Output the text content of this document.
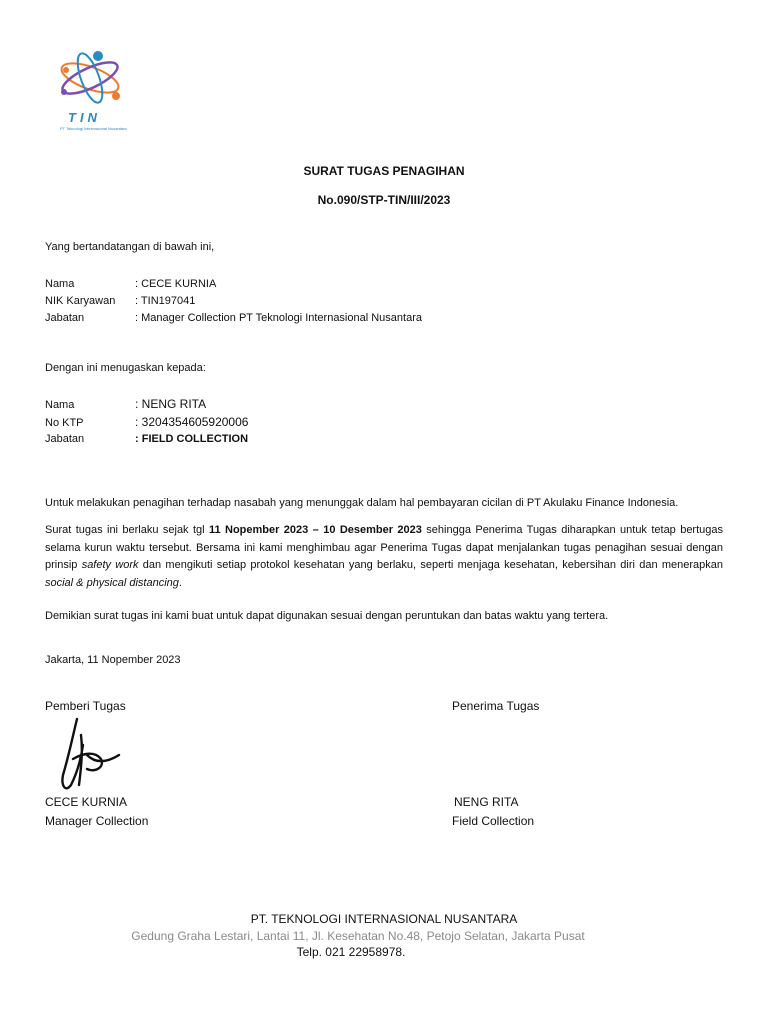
TIN
PT Teknologi Internasional Nusantara
SURAT TUGAS PENAGIHAN
No.090/STP-TIN/III/2023
Yang bertandatangan di bawah ini,
Nama	: CECE KURNIA
NIK Karyawan : TIN197041
Jabatan	: Manager Collection PT Teknologi Internasional Nusantara
Dengan ini menugaskan kepada:
Nama	: NENG RITA
No KTP	: 3204354605920006
Jabatan	: FIELD COLLECTION
Untuk melakukan penagihan terhadap nasabah yang menunggak dalam hal pembayaran cicilan di PT Akulaku Finance Indonesia.
Surat tugas ini berlaku sejak tgl 11 Nopember 2023 – 10 Desember 2023 sehingga Penerima Tugas diharapkan untuk tetap bertugas selama kurun waktu tersebut. Bersama ini kami menghimbau agar Penerima Tugas dapat menjalankan tugas penagihan sesuai dengan prinsip safety work dan mengikuti setiap protokol kesehatan yang berlaku, seperti menjaga kesehatan, kebersihan diri dan menerapkan social & physical distancing.
Demikian surat tugas ini kami buat untuk dapat digunakan sesuai dengan peruntukan dan batas waktu yang tertera.
Jakarta, 11 Nopember 2023
Pemberi Tugas	Penerima Tugas
CECE KURNIA	NENG RITA
Manager Collection	Field Collection
PT. TEKNOLOGI INTERNASIONAL NUSANTARA
Gedung Graha Lestari, Lantai 11, Jl. Kesehatan No.48, Petojo Selatan, Jakarta Pusat
Telp. 021 22958978.
